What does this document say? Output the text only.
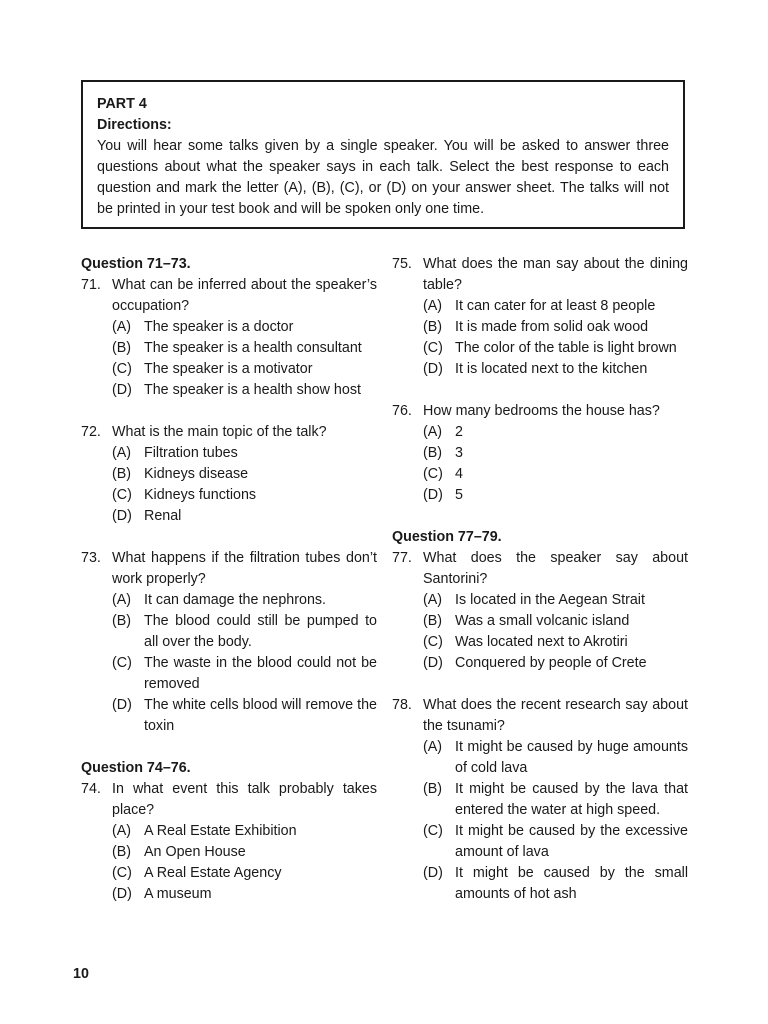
PART 4
Directions:
You will hear some talks given by a single speaker. You will be asked to answer three questions about what the speaker says in each talk. Select the best response to each question and mark the letter (A), (B), (C), or (D) on your answer sheet. The talks will not be printed in your test book and will be spoken only one time.
Question 71–73.
71. What can be inferred about the speaker’s occupation?
(A) The speaker is a doctor
(B) The speaker is a health consultant
(C) The speaker is a motivator
(D) The speaker is a health show host
72. What is the main topic of the talk?
(A) Filtration tubes
(B) Kidneys disease
(C) Kidneys functions
(D) Renal
73. What happens if the filtration tubes don’t work properly?
(A) It can damage the nephrons.
(B) The blood could still be pumped to all over the body.
(C) The waste in the blood could not be removed
(D) The white cells blood will remove the toxin
Question 74–76.
74. In what event this talk probably takes place?
(A) A Real Estate Exhibition
(B) An Open House
(C) A Real Estate Agency
(D) A museum
75. What does the man say about the dining table?
(A) It can cater for at least 8 people
(B) It is made from solid oak wood
(C) The color of the table is light brown
(D) It is located next to the kitchen
76. How many bedrooms the house has?
(A) 2
(B) 3
(C) 4
(D) 5
Question 77–79.
77. What does the speaker say about Santorini?
(A) Is located in the Aegean Strait
(B) Was a small volcanic island
(C) Was located next to Akrotiri
(D) Conquered by people of Crete
78. What does the recent research say about the tsunami?
(A) It might be caused by huge amounts of cold lava
(B) It might be caused by the lava that entered the water at high speed.
(C) It might be caused by the excessive amount of lava
(D) It might be caused by the small amounts of hot ash
10
